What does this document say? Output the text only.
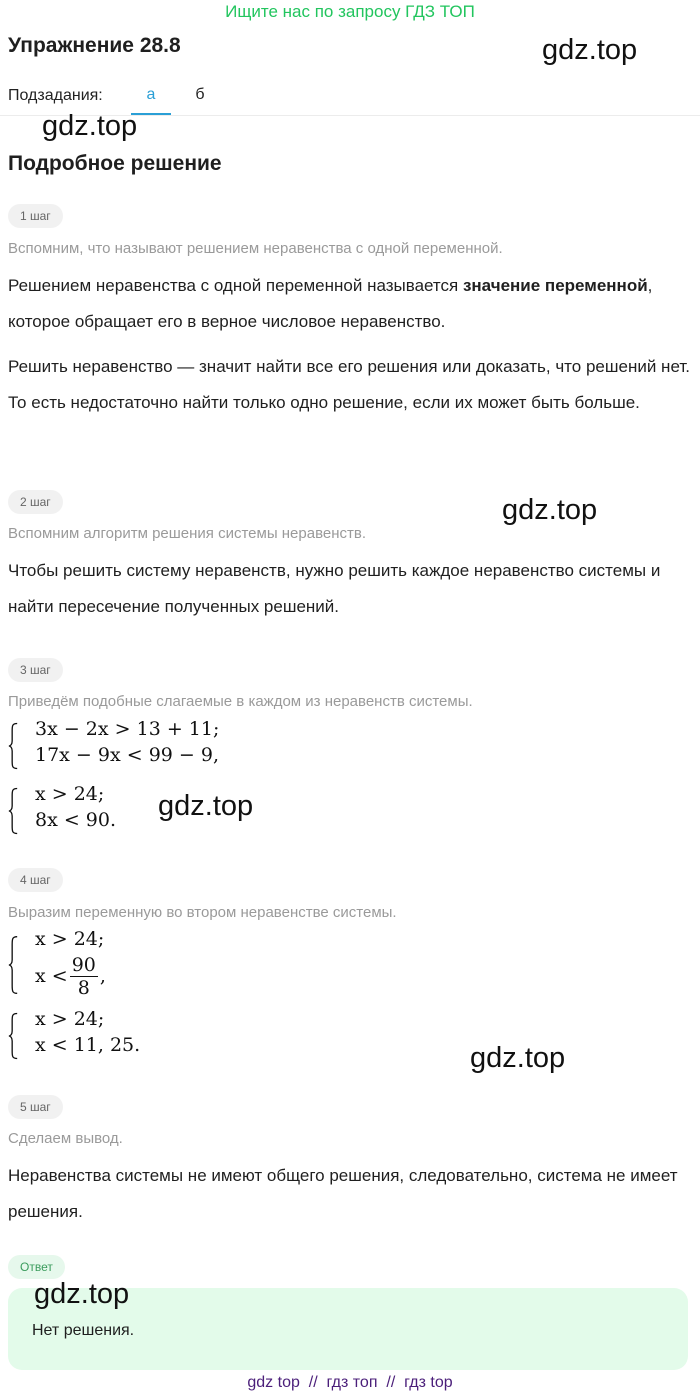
Ищите нас по запросу ГДЗ ТОП
Упражнение 28.8	gdz.top
Подзадания:	а	б
gdz.top
Подробное решение
1 шаг
Вспомним, что называют решением неравенства с одной переменной.
Решением неравенства с одной переменной называется значение переменной, которое обращает его в верное числовое неравенство.
Решить неравенство — значит найти все его решения или доказать, что решений нет. То есть недостаточно найти только одно решение, если их может быть больше.
2 шаг	gdz.top
Вспомним алгоритм решения системы неравенств.
Чтобы решить систему неравенств, нужно решить каждое неравенство системы и найти пересечение полученных решений.
3 шаг
Приведём подобные слагаемые в каждом из неравенств системы.
3x − 2x > 13 + 11;
17x − 9x < 99 − 9,
x > 24;
8x < 90. gdz.top
4 шаг
Выразим переменную во втором неравенстве системы.
x > 24;
$x < \frac{90}{8}$ ,
x > 24;
x < 11, 25.	gdz.top
5 шаг
Сделаем вывод.
Неравенства системы не имеют общего решения, следовательно, система не имеет решения.
Ответ
gdz.top
Нет решения.
gdz top  //  гдз топ  //  гдз top
